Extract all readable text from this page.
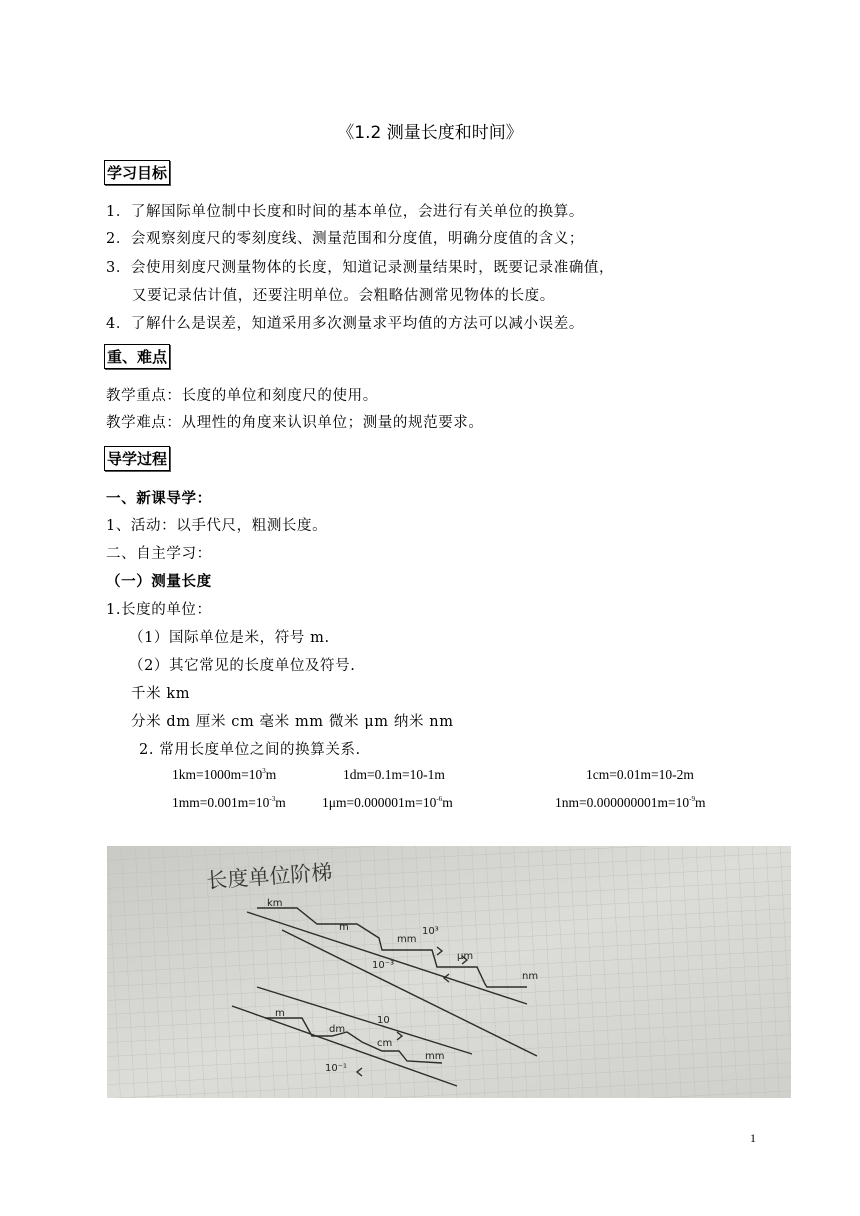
《1.2 测量长度和时间》
学习目标
1．了解国际单位制中长度和时间的基本单位，会进行有关单位的换算。
2．会观察刻度尺的零刻度线、测量范围和分度值，明确分度值的含义；
3．会使用刻度尺测量物体的长度，知道记录测量结果时，既要记录准确值，
又要记录估计值，还要注明单位。会粗略估测常见物体的长度。
4．了解什么是误差，知道采用多次测量求平均值的方法可以减小误差。
重、难点
教学重点：长度的单位和刻度尺的使用。
教学难点：从理性的角度来认识单位；测量的规范要求。
导学过程
一、新课导学：
1、活动：以手代尺，粗测长度。
二、自主学习：
（一）测量长度
1.长度的单位：
（1）国际单位是米，符号 m.
（2）其它常见的长度单位及符号.
千米 km
分米 dm 厘米 cm 毫米 mm 微米 μm 纳米 nm
2. 常用长度单位之间的换算关系.
$1km=1000m=10^3m$	1dm=0.1m=10-1m	1cm=0.01m=10-2m
$1mm=0.001m=10^{-3}m$	$1\mu m=0.000001m=10^{-6}m$	$1nm=0.000000001m=10^{-9}m$
长度单位阶梯
km
m
mm
μm
nm
10³
10⁻³
m
dm
cm
mm
10
10⁻¹
1
